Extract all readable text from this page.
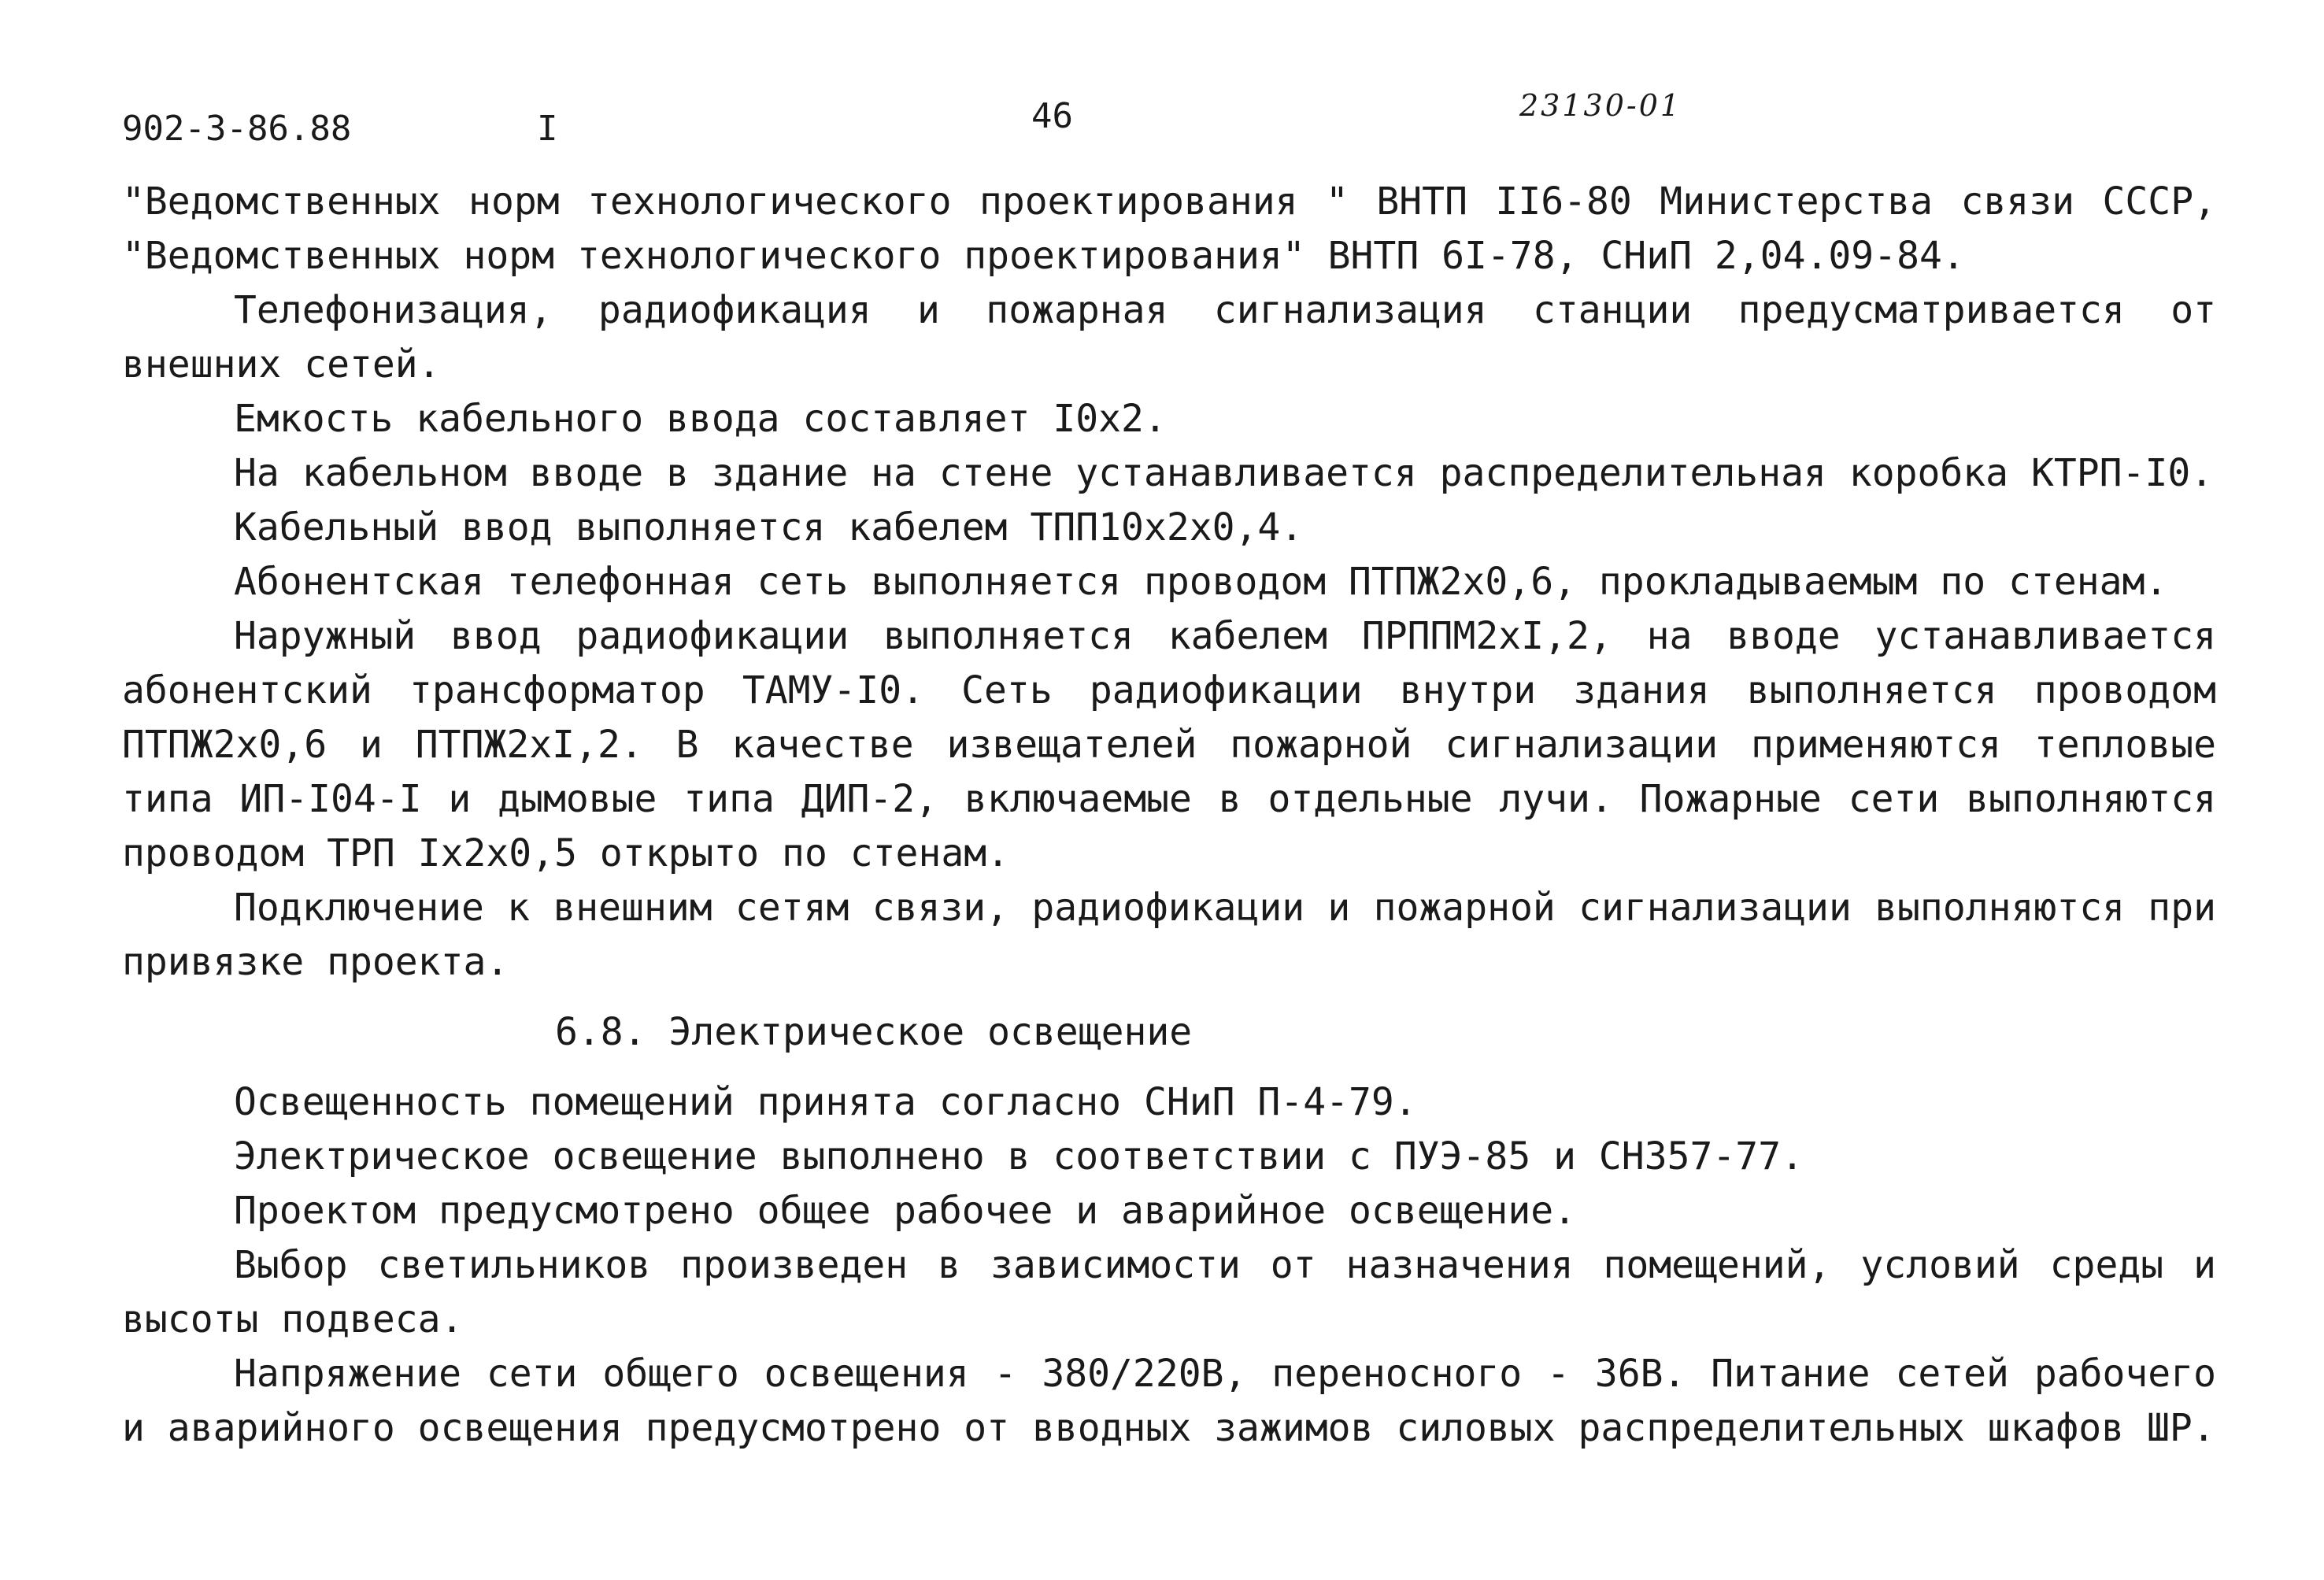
902-3-86.88	I	46	23130-01

"Ведомственных норм технологического проектирования " ВНТП II6-80 Министерства связи СССР, "Ведомственных норм технологического проектирования" ВНТП 6I-78, СНиП 2,04.09-84.

Телефонизация, радиофикация и пожарная сигнализация станции предусматривается от внешних сетей.

Емкость кабельного ввода составляет I0x2.

На кабельном вводе в здание на стене устанавливается распределительная коробка КТРП-I0.

Кабельный ввод выполняется кабелем ТПП10х2х0,4.

Абонентская телефонная сеть выполняется проводом ПТПЖ2х0,6, прокладываемым по стенам.

Наружный ввод радиофикации выполняется кабелем ПРППМ2хI,2, на вводе устанавливается абонентский трансформатор ТАМУ-I0. Сеть радиофикации внутри здания выполняется проводом ПТПЖ2х0,6 и ПТПЖ2хI,2. В качестве извещателей пожарной сигнализации применяются тепловые типа ИП-I04-I и дымовые типа ДИП-2, включаемые в отдельные лучи. Пожарные сети выполняются проводом ТРП Iх2х0,5 открыто по стенам.

Подключение к внешним сетям связи, радиофикации и пожарной сигнализации выполняются при привязке проекта.

6.8. Электрическое освещение

Освещенность помещений принята согласно СНиП П-4-79.

Электрическое освещение выполнено в соответствии с ПУЭ-85 и СН357-77.

Проектом предусмотрено общее рабочее и аварийное освещение.

Выбор светильников произведен в зависимости от назначения помещений, условий среды и высоты подвеса.

Напряжение сети общего освещения - 380/220В, переносного - 36В. Питание сетей рабочего и аварийного освещения предусмотрено от вводных зажимов силовых распределительных шкафов ШР.
